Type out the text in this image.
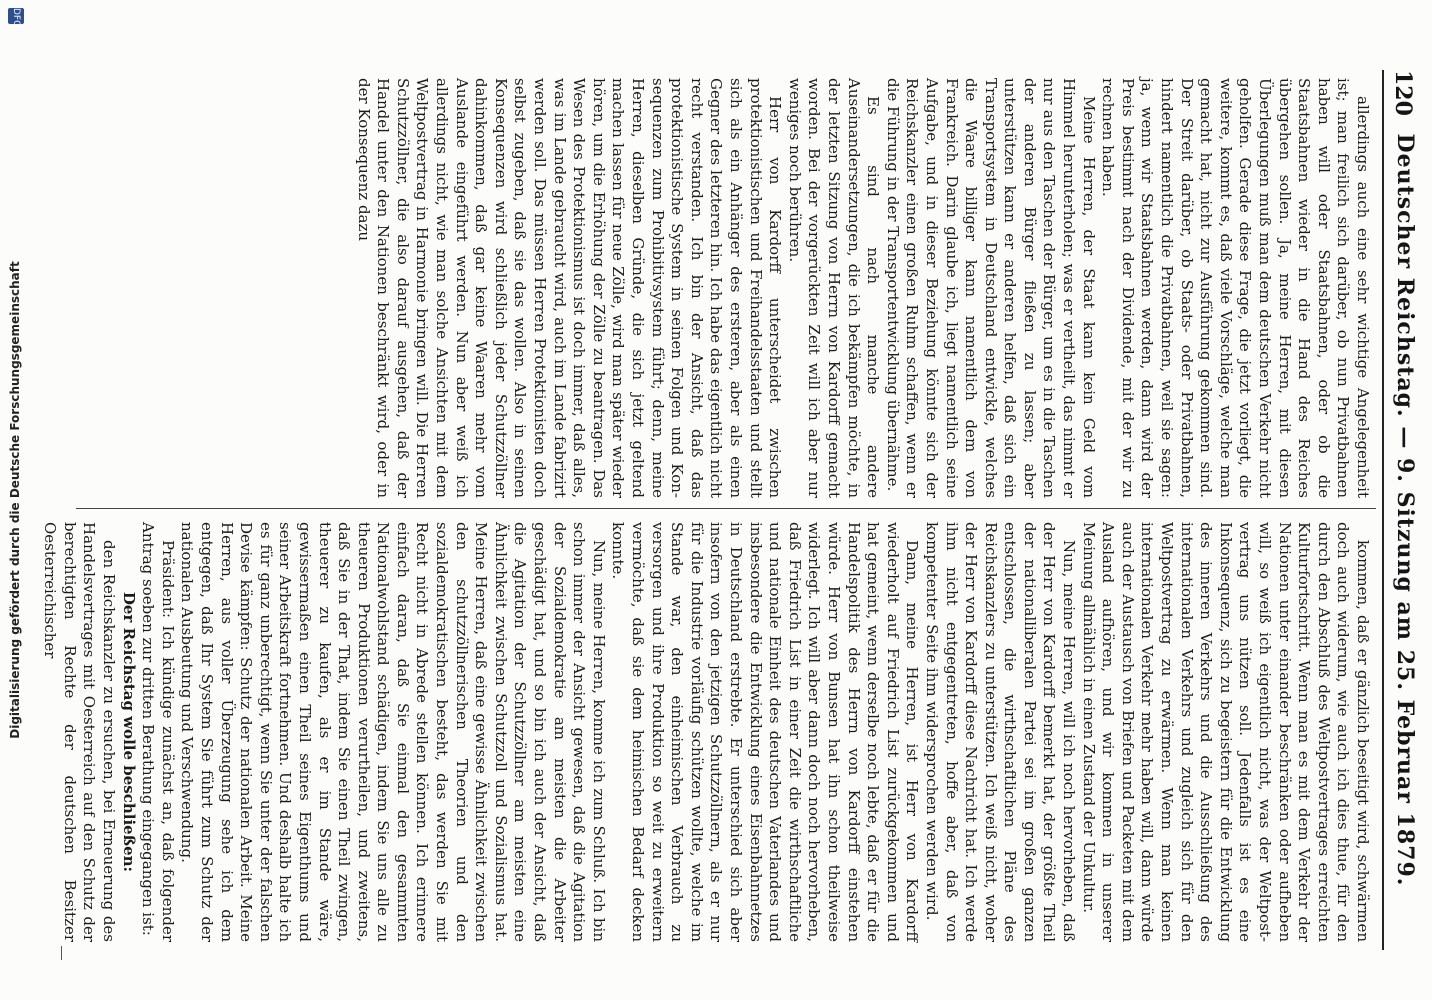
120
Deutscher Reichstag. — 9. Sitzung am 25. Februar 1879.

allerdings auch eine sehr wichtige Angelegenheit ist; man freilich sich darüber, ob nun Privatbahnen haben will oder Staatsbahnen, oder ob die Staatsbahnen wieder in die Hand des Reiches übergehen sollen. Ja, meine Herren, mit diesen Überlegungen muß man dem deutschen Verkehr nicht geholfen. Gerade diese Frage, die jetzt vorliegt, die weitere, kommt es, daß viele Vorschläge, welche man gemacht hat, nicht zur Ausführung gekommen sind. Der Streit darüber, ob Staats- oder Privatbahnen, hindert namentlich die Privatbahnen, weil sie sagen: ja, wenn wir Staatsbahnen werden, dann wird der Preis bestimmt nach der Dividende, mit der wir zu rechnen haben.

Meine Herren, der Staat kann kein Geld vom Himmel herunterholen; was er vertheilt, das nimmt er nur aus den Taschen der Bürger, um es in die Taschen der anderen Bürger fließen zu lassen; aber unterstützen kann er anderen helfen, daß sich ein Transportsystem in Deutschland entwickle, welches die Waare billiger kann namentlich dem von Frankreich. Darin glaube ich, liegt namentlich seine Aufgabe, und in dieser Beziehung könnte sich der Reichskanzler einen großen Ruhm schaffen, wenn er die Führung in der Transportentwicklung übernähme.

Es sind nach manche andere Auseinandersetzungen, die ich bekämpfen möchte, in der letzten Sitzung von Herrn von Kardorff gemacht worden. Bei der vorgerückten Zeit will ich aber nur weniges noch berühren.

Herr von Kardorff unterscheidet zwischen protektionistischen und Freihandelsstaaten und stellt sich als ein Anhänger des ersteren, aber als einen Gegner des letzteren hin. Ich habe das eigentlich nicht recht verstanden. Ich bin der Ansicht, daß das protektionistische System in seinen Folgen und Konsequenzen zum Prohibitivsystem führt; denn, meine Herren, dieselben Gründe, die sich jetzt geltend machen lassen für neue Zölle, wird man später wieder hören, um die Erhöhung der Zölle zu beantragen. Das Wesen des Protektionismus ist doch immer, daß alles, was im Lande gebraucht wird, auch im Lande fabrizirt werden soll. Das müssen Herren Protektionisten doch selbst zugeben, daß sie das wollen. Also in seinen Konsequenzen wird schließlich jeder Schutzzöllner dahinkommen, daß gar keine Waaren mehr vom Auslande eingeführt werden. Nun aber weiß ich allerdings nicht, wie man solche Ansichten mit dem Weltpostvertrag in Harmonie bringen will. Die Herren Schutzzöllner, die also darauf ausgehen, daß der Handel unter den Nationen beschränkt wird, oder in der Konsequenz dazu

kommen, daß er gänzlich beseitigt wird, schwärmen doch auch widerum, wie auch ich dies thue, für den durch den Abschluß des Weltpostvertrages erreichten Kulturfortschritt. Wenn man es mit dem Verkehr der Nationen unter einander beschränken oder aufheben will, so weiß ich eigentlich nicht, was der Weltpostvertrag uns nützen soll. Jedenfalls ist es eine Inkonsequenz, sich zu begeistern für die Entwicklung des inneren Verkehrs und die Ausschließung des internationalen Verkehrs und zugleich sich für den Weltpostvertrag zu erwärmen. Wenn man keinen internationalen Verkehr mehr haben will, dann würde auch der Austausch von Briefen und Packeten mit dem Ausland aufhören, und wir kommen in unserer Meinung allmählich in einen Zustand der Unkultur.

Nun, meine Herren, will ich noch hervorheben, daß der Herr von Kardorff bemerkt hat, der größte Theil der nationalliberalen Partei sei im großen ganzen entschlossen, die wirthschaftlichen Pläne des Reichskanzlers zu unterstützen. Ich weiß nicht, woher der Herr von Kardorff diese Nachricht hat. Ich werde ihm nicht entgegentreten, hoffe aber, daß von kompetenter Seite ihm widersprochen werden wird.

Dann, meine Herren, ist Herr von Kardorff wiederholt auf Friedrich List zurückgekommen und hat gemeint, wenn derselbe noch lebte, daß er für die Handelspolitik des Herrn von Kardorff einstehen würde. Herr von Bunsen hat ihn schon theilweise widerlegt. Ich will aber dann doch noch hervorheben, daß Friedrich List in einer Zeit die wirthschaftliche und nationale Einheit des deutschen Vaterlandes und insbesondere die Entwicklung eines Eisenbahnnetzes in Deutschland erstrebte. Er unterschied sich aber insofern von den jetzigen Schutzzöllnern, als er nur für die Industrie vorläufig schützen wollte, welche im Stande war, den einheimischen Verbrauch zu versorgen und ihre Produktion so weit zu erweitern vermöchte, daß sie dem heimischen Bedarf decken konnte.

Nun, meine Herren, komme ich zum Schluß. Ich bin schon immer der Ansicht gewesen, daß die Agitation der Sozialdemokratie am meisten die Arbeiter geschädigt hat, und so bin ich auch der Ansicht, daß die Agitation der Schutzzöllner am meisten eine Ähnlichkeit zwischen Schutzzoll und Sozialismus hat. Meine Herren, daß eine gewisse Ähnlichkeit zwischen den schutzzöllnerischen Theorien und den sozialdemokratischen besteht, das werden Sie mit Recht nicht in Abrede stellen können. Ich erinnere einfach daran, daß Sie einmal den gesammten Nationalwohlstand schädigen, indem Sie uns alle zu theueren Produktionen verurtheilen, und zweitens, daß Sie in der That, indem Sie einen Theil zwingen, theuerer zu kaufen, als er im Stande wäre, gewissermaßen einen Theil seines Eigenthums und seiner Arbeitskraft fortnehmen. Und deshalb halte ich es für ganz unberechtigt, wenn Sie unter der falschen Devise kämpfen: Schutz der nationalen Arbeit. Meine Herren, aus voller Überzeugung sehe ich dem entgegen, daß Ihr System Sie führt zum Schutz der nationalen Ausbeutung und Verschwendung.

Präsident: Ich kündige zunächst an, daß folgender Antrag soeben zur dritten Berathung eingegangen ist:

Der Reichstag wolle beschließen:

den Reichskanzler zu ersuchen, bei Erneuerung des Handelsvertrages mit Oesterreich auf den Schutz der berechtigten Rechte der deutschen Besitzer Oesterreichischer

Digitalisierung gefördert durch die Deutsche Forschungsgemeinschaft
DFG
